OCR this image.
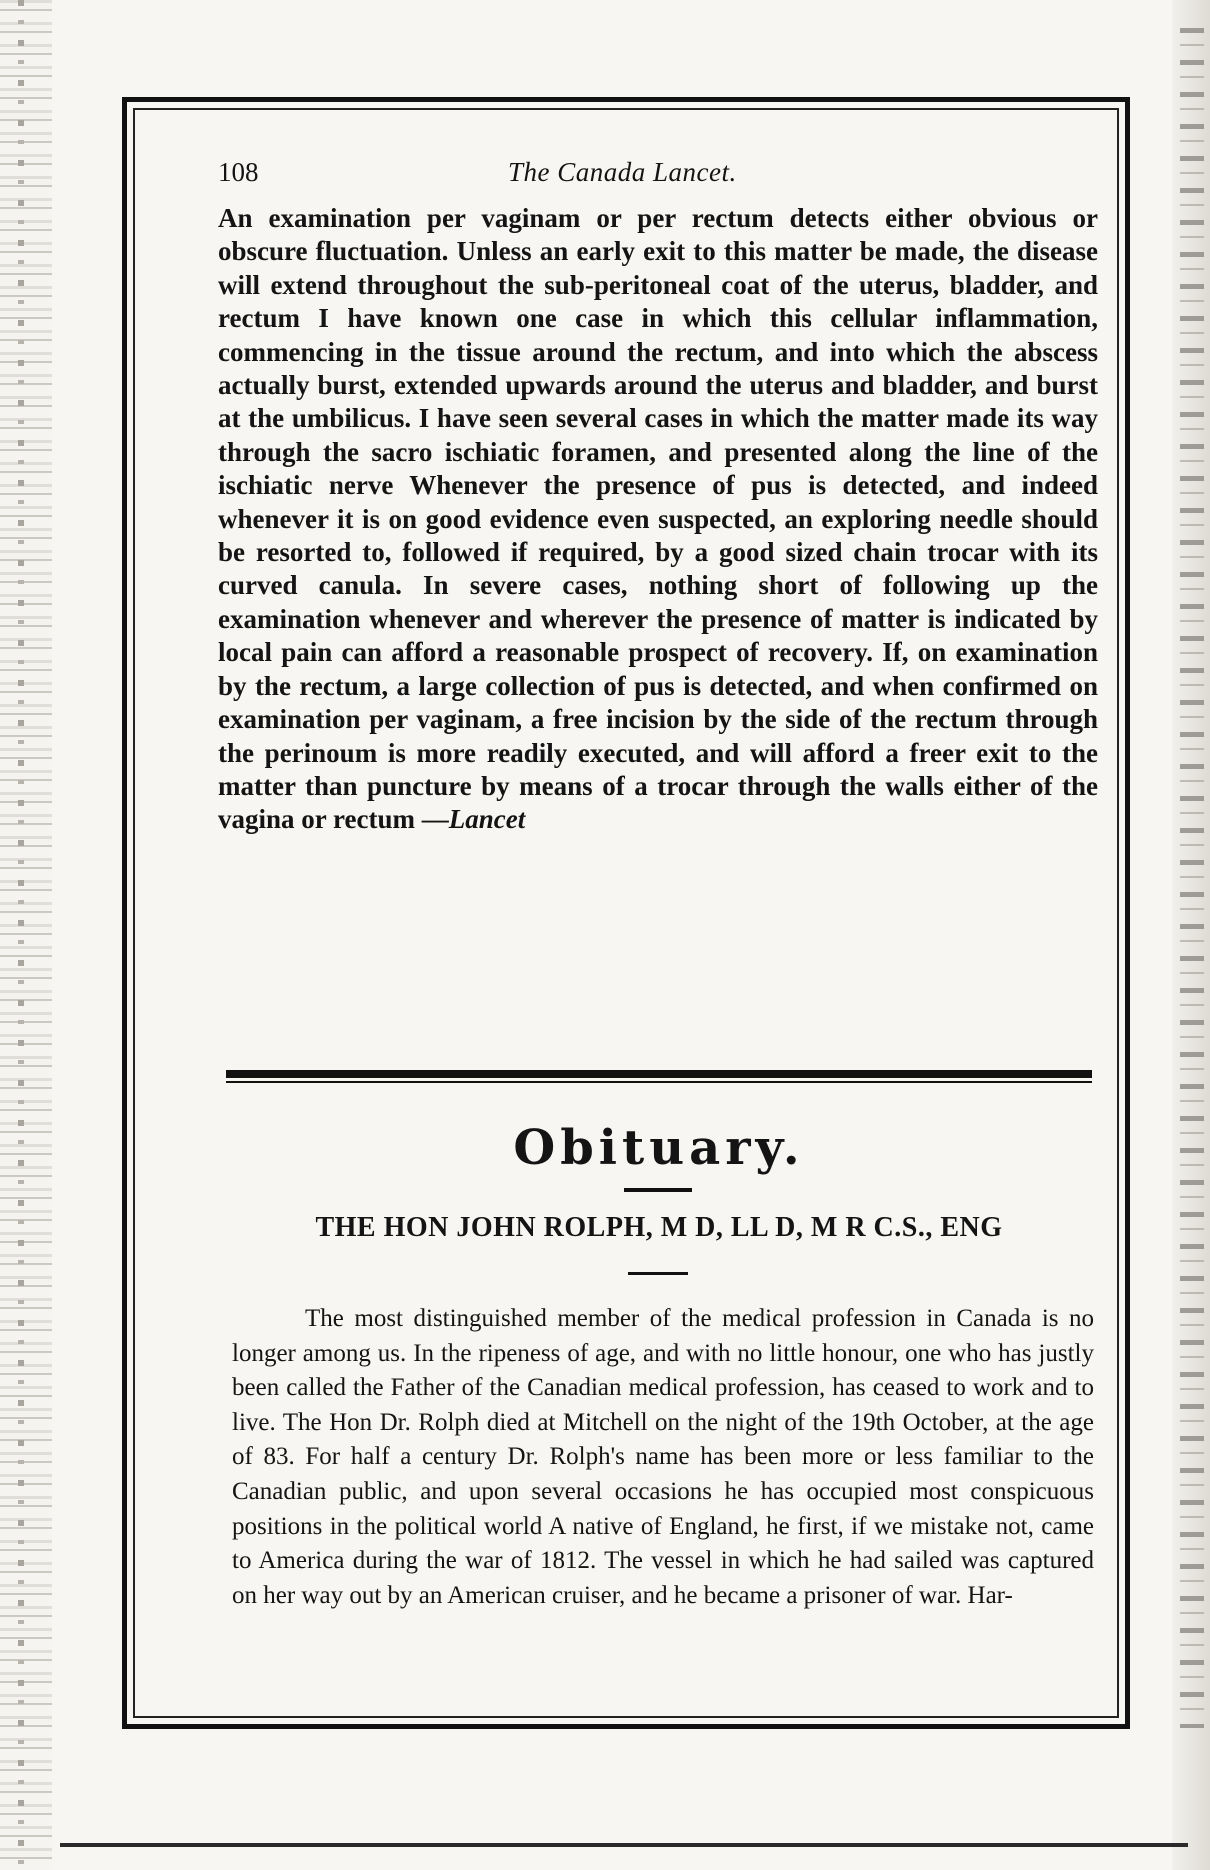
108	The Canada Lancet.
An examination per vaginam or per rectum detects either obvious or obscure fluctuation. Unless an early exit to this matter be made, the disease will extend throughout the sub-peritoneal coat of the uterus, bladder, and rectum I have known one case in which this cellular inflammation, commencing in the tissue around the rectum, and into which the abscess actually burst, extended upwards around the uterus and bladder, and burst at the umbilicus. I have seen several cases in which the matter made its way through the sacro ischiatic foramen, and presented along the line of the ischiatic nerve Whenever the presence of pus is detected, and indeed whenever it is on good evidence even suspected, an exploring needle should be resorted to, followed if required, by a good sized chain trocar with its curved canula. In severe cases, nothing short of following up the examination whenever and wherever the presence of matter is indicated by local pain can afford a reasonable prospect of recovery. If, on examination by the rectum, a large collection of pus is detected, and when confirmed on examination per vaginam, a free incision by the side of the rectum through the perinoum is more readily executed, and will afford a freer exit to the matter than puncture by means of a trocar through the walls either of the vagina or rectum —Lancet
Obituary.
THE HON JOHN ROLPH, M D, LL D, M R C.S., ENG

The most distinguished member of the medical profession in Canada is no longer among us. In the ripeness of age, and with no little honour, one who has justly been called the Father of the Canadian medical profession, has ceased to work and to live. The Hon Dr. Rolph died at Mitchell on the night of the 19th October, at the age of 83. For half a century Dr. Rolph's name has been more or less familiar to the Canadian public, and upon several occasions he has occupied most conspicuous positions in the political world A native of England, he first, if we mistake not, came to America during the war of 1812. The vessel in which he had sailed was captured on her way out by an American cruiser, and he became a prisoner of war. Har-
